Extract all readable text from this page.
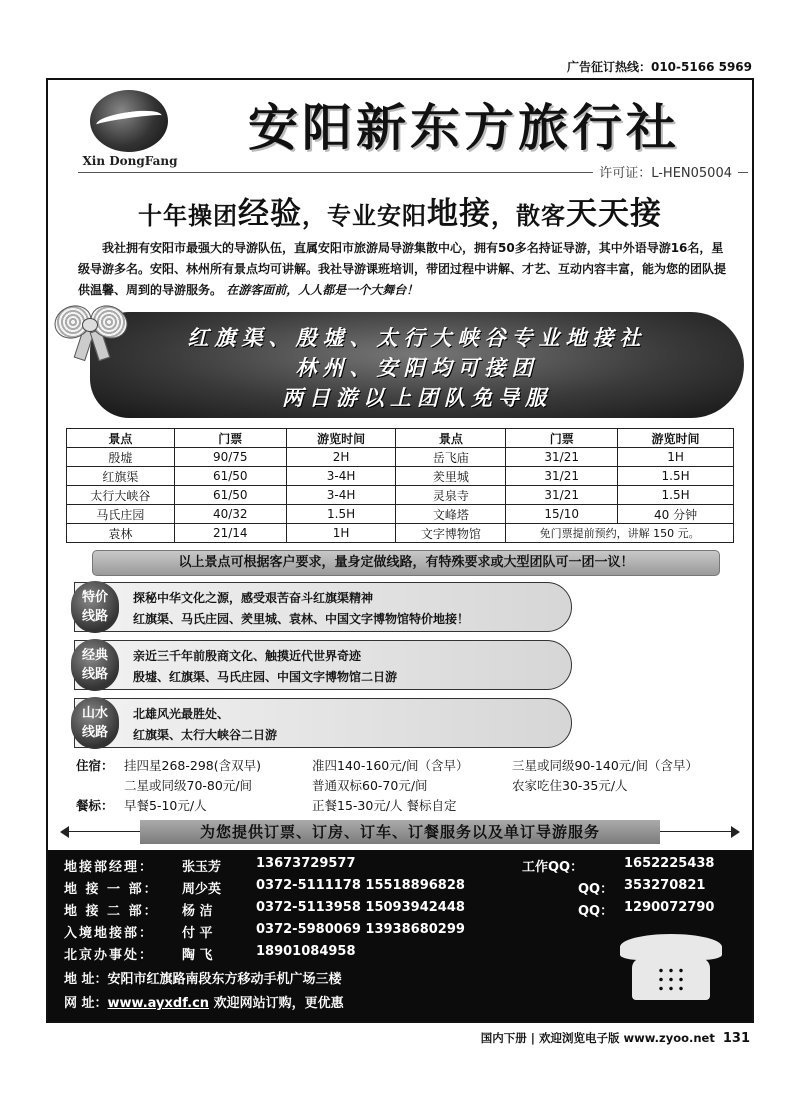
广告征订热线：010-5166 5969
Xin DongFang
安阳新东方旅行社
许可证：L-HEN05004
十年操团经验，专业安阳地接，散客天天接
我社拥有安阳市最强大的导游队伍，直属安阳市旅游局导游集散中心，拥有50多名持证导游，其中外语导游16名，星级导游多名。安阳、林州所有景点均可讲解。我社导游课班培训，带团过程中讲解、才艺、互动内容丰富，能为您的团队提供温馨、周到的导游服务。 在游客面前，人人都是一个大舞台！
红旗渠、殷墟、太行大峡谷专业地接社
林州、安阳均可接团
两日游以上团队免导服
景点	门票	游览时间	景点	门票	游览时间
殷墟	90/75	2H	岳飞庙	31/21	1H
红旗渠	61/50	3-4H	羑里城	31/21	1.5H
太行大峡谷	61/50	3-4H	灵泉寺	31/21	1.5H
马氏庄园	40/32	1.5H	文峰塔	15/10	40 分钟
袁林	21/14	1H	文字博物馆	免门票提前预约，讲解 150 元。	
以上景点可根据客户要求，量身定做线路，有特殊要求或大型团队可一团一议！
特价
线路
探秘中华文化之源，感受艰苦奋斗红旗渠精神
红旗渠、马氏庄园、羑里城、袁林、中国文字博物馆特价地接！
经典
线路
亲近三千年前殷商文化、触摸近代世界奇迹
殷墟、红旗渠、马氏庄园、中国文字博物馆二日游
山水
线路
北雄风光最胜处、
红旗渠、太行大峡谷二日游
住宿： 挂四星268-298(含双早)	准四140-160元/间（含早）	三星或同级90-140元/间（含早）
二星或同级70-80元/间	普通双标60-70元/间	农家吃住30-35元/人
餐标： 早餐5-10元/人	正餐15-30元/人 餐标自定
为您提供订票、订房、订车、订餐服务以及单订导游服务
地接部经理： 张玉芳	13673729577	工作QQ：	1652225438
地 接 一 部： 周少英	0372-5111178 15518896828	QQ： 353270821
地 接 二 部： 杨 洁	0372-5113958 15093942448	QQ： 1290072790
入境地接部： 付 平	0372-5980069 13938680299
北京办事处： 陶 飞	18901084958
地 址：安阳市红旗路南段东方移动手机广场三楼
网 址：www.ayxdf.cn 欢迎网站订购，更优惠
国内下册 | 欢迎浏览电子版 www.zyoo.net 131
